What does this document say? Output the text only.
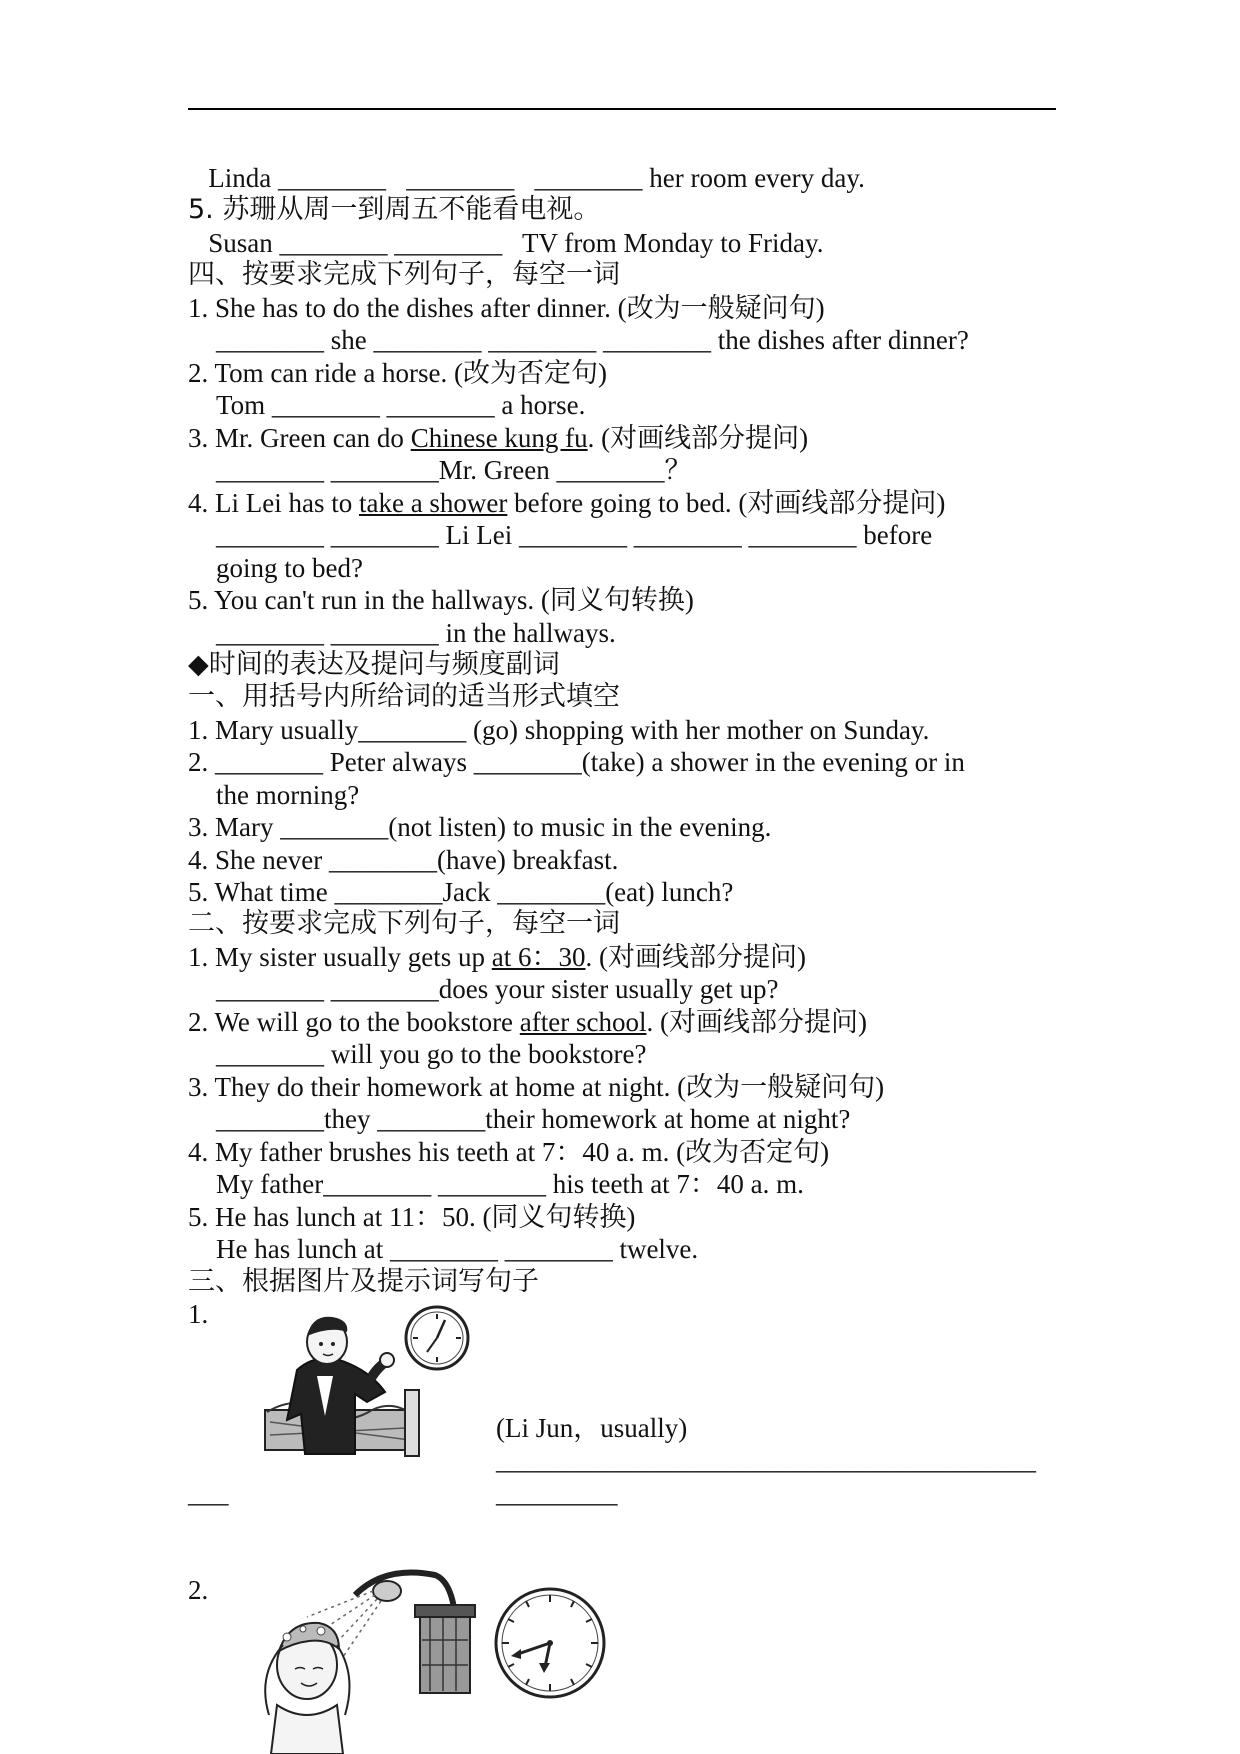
Linda ________   ________   ________ her room every day.
5. 苏珊从周一到周五不能看电视。
Susan ________ ________   TV from Monday to Friday.
四、按要求完成下列句子，每空一词
1. She has to do the dishes after dinner. (改为一般疑问句)
________ she ________ ________ ________ the dishes after dinner?
2. Tom can ride a horse. (改为否定句)
Tom ________ ________ a horse.
3. Mr. Green can do Chinese kung fu. (对画线部分提问)
________ ________Mr. Green ________？
4. Li Lei has to take a shower before going to bed. (对画线部分提问)
________ ________ Li Lei ________ ________ ________ before
going to bed?
5. You can't run in the hallways. (同义句转换)
________ ________ in the hallways.
◆时间的表达及提问与频度副词
一、用括号内所给词的适当形式填空
1. Mary usually________ (go) shopping with her mother on Sunday.
2. ________ Peter always ________(take) a shower in the evening or in
the morning?
3. Mary ________(not listen) to music in the evening.
4. She never ________(have) breakfast.
5. What time ________Jack ________(eat) lunch?
二、按要求完成下列句子，每空一词
1. My sister usually gets up at 6：30. (对画线部分提问)
________ ________does your sister usually get up?
2. We will go to the bookstore after school. (对画线部分提问)
________ will you go to the bookstore?
3. They do their homework at home at night. (改为一般疑问句)
________they ________their homework at home at night?
4. My father brushes his teeth at 7：40 a. m. (改为否定句)
My father________ ________ his teeth at 7：40 a. m.
5. He has lunch at 11：50. (同义句转换)
He has lunch at ________ ________ twelve.
三、根据图片及提示词写句子
1.
(Li Jun，usually)
________________________________________
___	_________
2.
